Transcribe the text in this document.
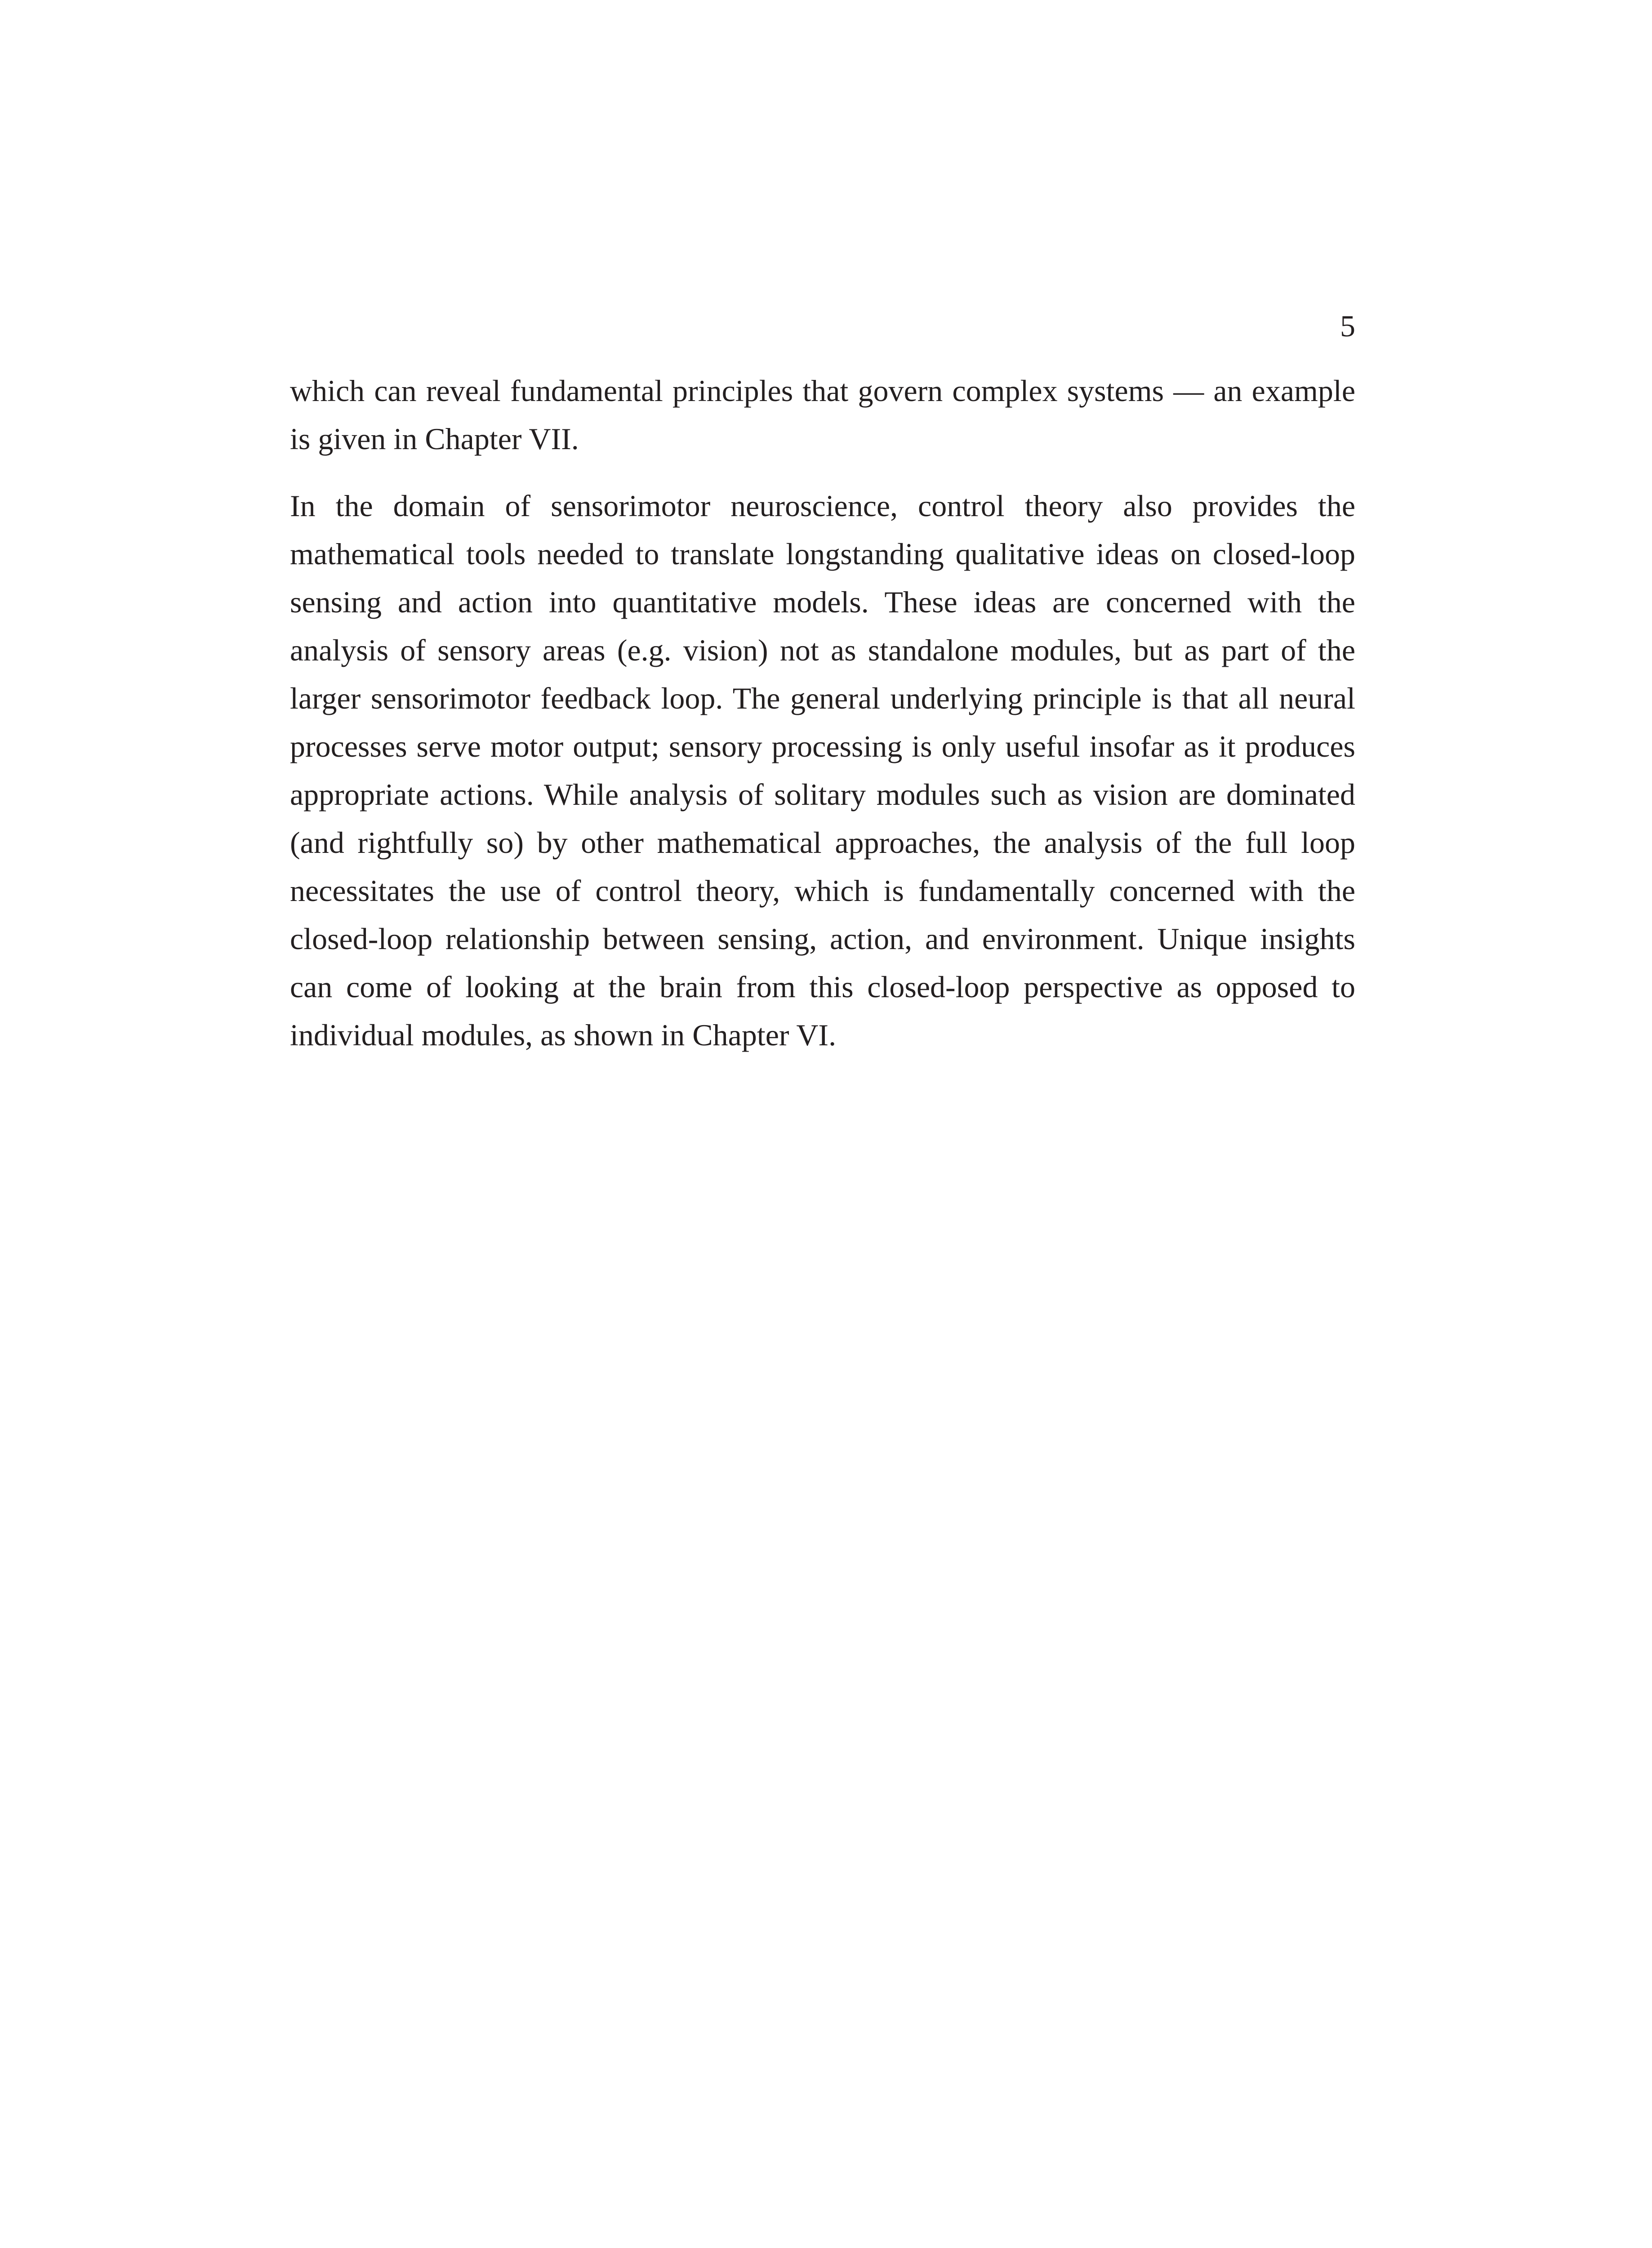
5

which can reveal fundamental principles that govern complex systems — an example is given in Chapter VII.

In the domain of sensorimotor neuroscience, control theory also provides the mathematical tools needed to translate longstanding qualitative ideas on closed-loop sensing and action into quantitative models. These ideas are concerned with the analysis of sensory areas (e.g. vision) not as standalone modules, but as part of the larger sensorimotor feedback loop. The general underlying principle is that all neural processes serve motor output; sensory processing is only useful insofar as it produces appropriate actions. While analysis of solitary modules such as vision are dominated (and rightfully so) by other mathematical approaches, the analysis of the full loop necessitates the use of control theory, which is fundamentally concerned with the closed-loop relationship between sensing, action, and environment. Unique insights can come of looking at the brain from this closed-loop perspective as opposed to individual modules, as shown in Chapter VI.
